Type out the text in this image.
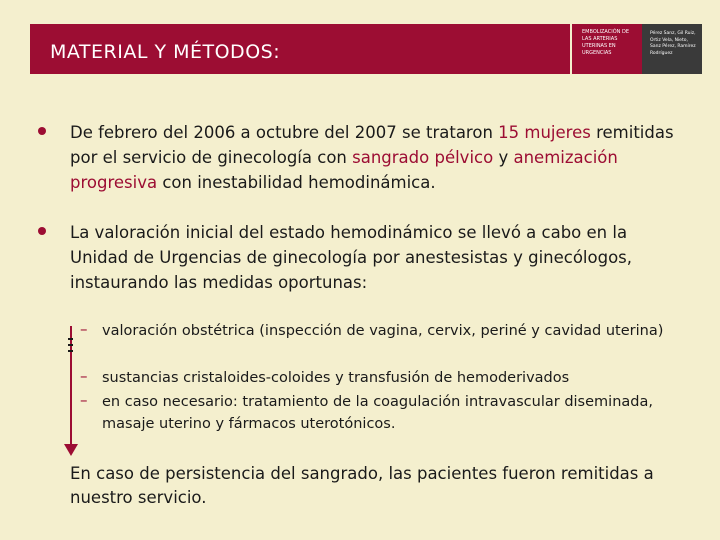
MATERIAL Y MÉTODOS:
EMBOLIZACIÓN DE LAS ARTERIAS UTERINAS EN URGENCIAS
Pérez Sanz, Gil Ruiz, Ortiz Vela, Nieto, Sanz Pérez, Ramírez Rodríguez

De febrero del 2006 a octubre del 2007 se trataron 15 mujeres remitidas por el servicio de ginecología con sangrado pélvico y anemización progresiva con inestabilidad hemodinámica.

La valoración inicial del estado hemodinámico se llevó a cabo en la Unidad de Urgencias de ginecología por anestesistas y ginecólogos, instaurando las medidas oportunas:

– valoración obstétrica (inspección de vagina, cervix, periné y cavidad uterina)

– sustancias cristaloides-coloides y transfusión de hemoderivados

– en caso necesario: tratamiento de la coagulación intravascular diseminada, masaje uterino y fármacos uterotónicos.

En caso de persistencia del sangrado, las pacientes fueron remitidas a nuestro servicio.
